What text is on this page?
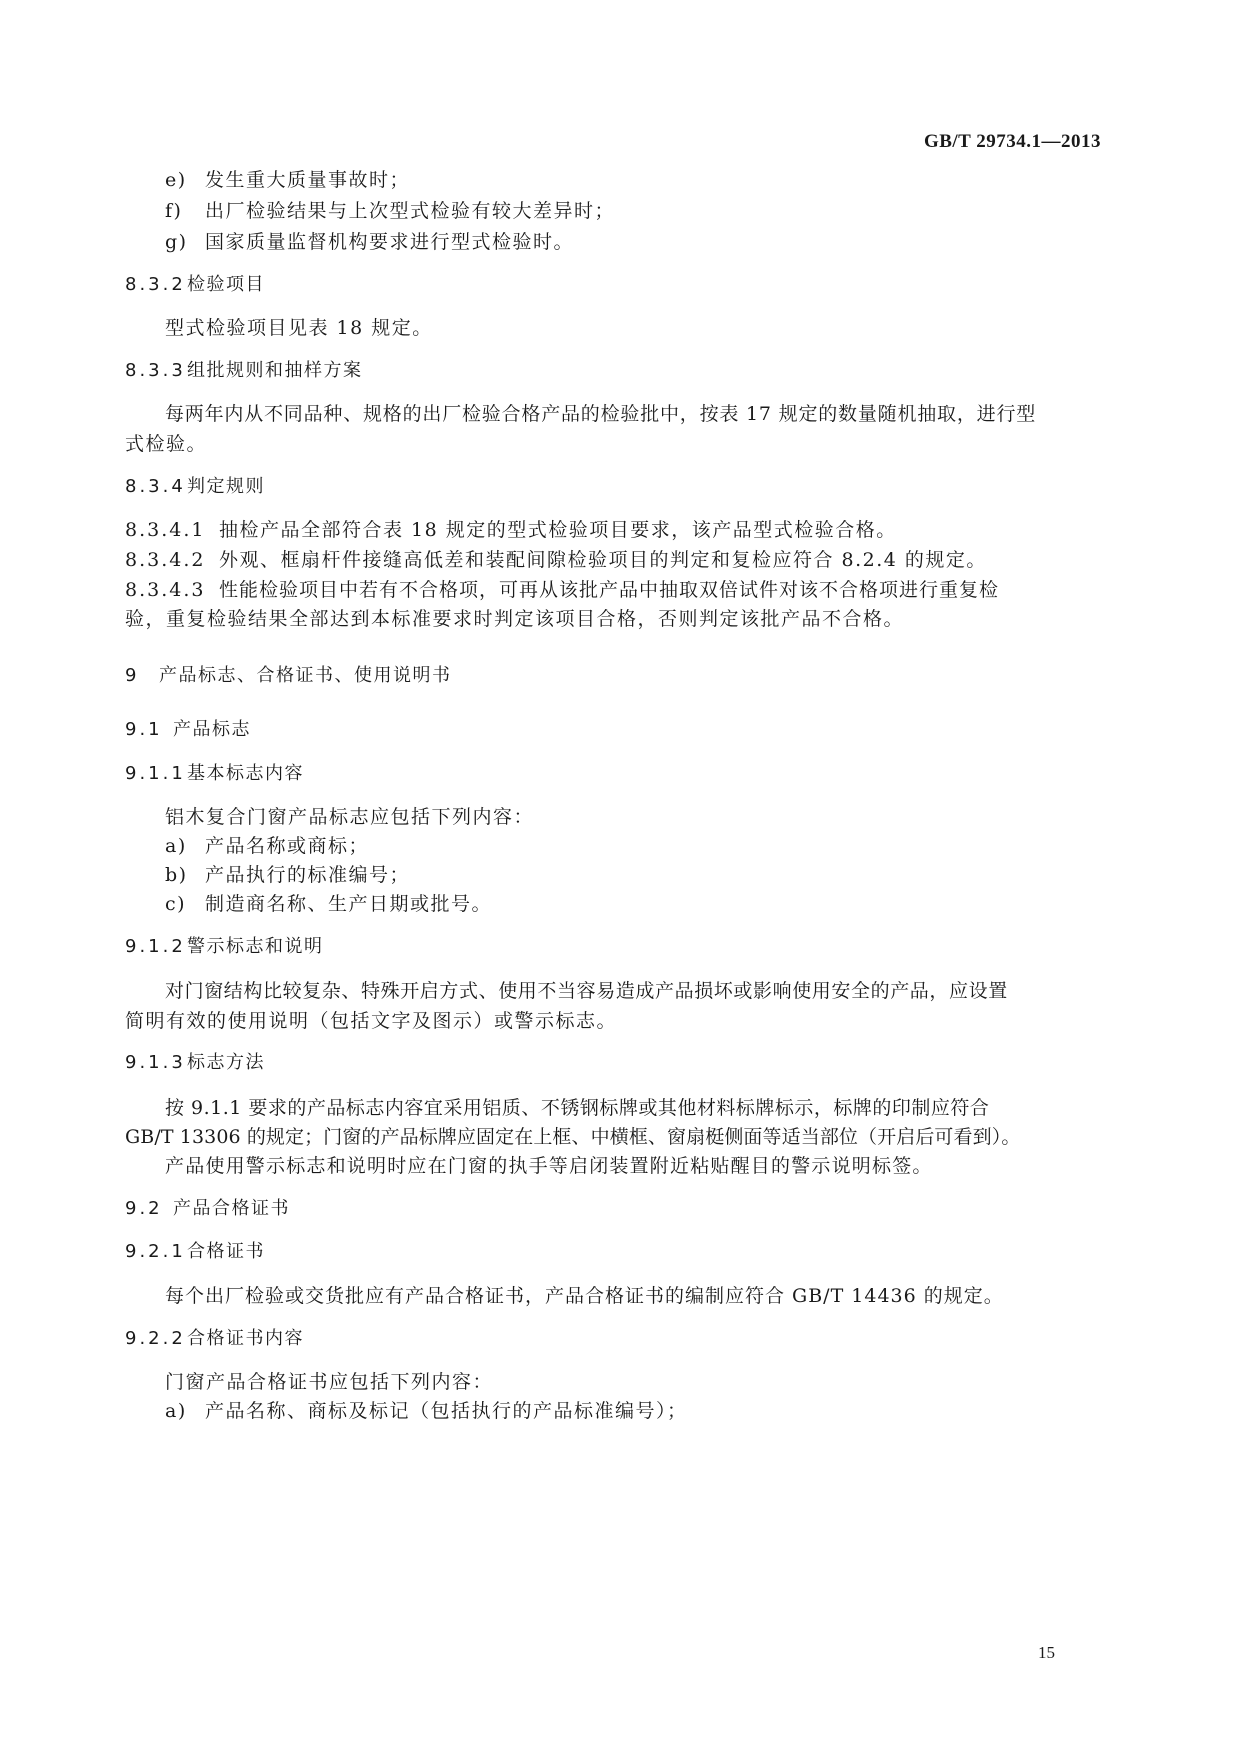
GB/T 29734.1—2013
e) 发生重大质量事故时；
f) 出厂检验结果与上次型式检验有较大差异时；
g) 国家质量监督机构要求进行型式检验时。
8.3.2检验项目
型式检验项目见表 18 规定。
8.3.3组批规则和抽样方案
每两年内从不同品种、规格的出厂检验合格产品的检验批中，按表 17 规定的数量随机抽取，进行型
式检验。
8.3.4判定规则
8.3.4.1 抽检产品全部符合表 18 规定的型式检验项目要求，该产品型式检验合格。
8.3.4.2 外观、框扇杆件接缝高低差和装配间隙检验项目的判定和复检应符合 8.2.4 的规定。
8.3.4.3 性能检验项目中若有不合格项，可再从该批产品中抽取双倍试件对该不合格项进行重复检
验，重复检验结果全部达到本标准要求时判定该项目合格，否则判定该批产品不合格。
9 产品标志、合格证书、使用说明书
9.1 产品标志
9.1.1基本标志内容
铝木复合门窗产品标志应包括下列内容：
a) 产品名称或商标；
b) 产品执行的标准编号；
c) 制造商名称、生产日期或批号。
9.1.2警示标志和说明
对门窗结构比较复杂、特殊开启方式、使用不当容易造成产品损坏或影响使用安全的产品，应设置
简明有效的使用说明（包括文字及图示）或警示标志。
9.1.3标志方法
按 9.1.1 要求的产品标志内容宜采用铝质、不锈钢标牌或其他材料标牌标示，标牌的印制应符合
GB/T 13306 的规定；门窗的产品标牌应固定在上框、中横框、窗扇梃侧面等适当部位（开启后可看到）。
产品使用警示标志和说明时应在门窗的执手等启闭装置附近粘贴醒目的警示说明标签。
9.2 产品合格证书
9.2.1合格证书
每个出厂检验或交货批应有产品合格证书，产品合格证书的编制应符合 GB/T 14436 的规定。
9.2.2合格证书内容
门窗产品合格证书应包括下列内容：
a) 产品名称、商标及标记（包括执行的产品标准编号）；
15
